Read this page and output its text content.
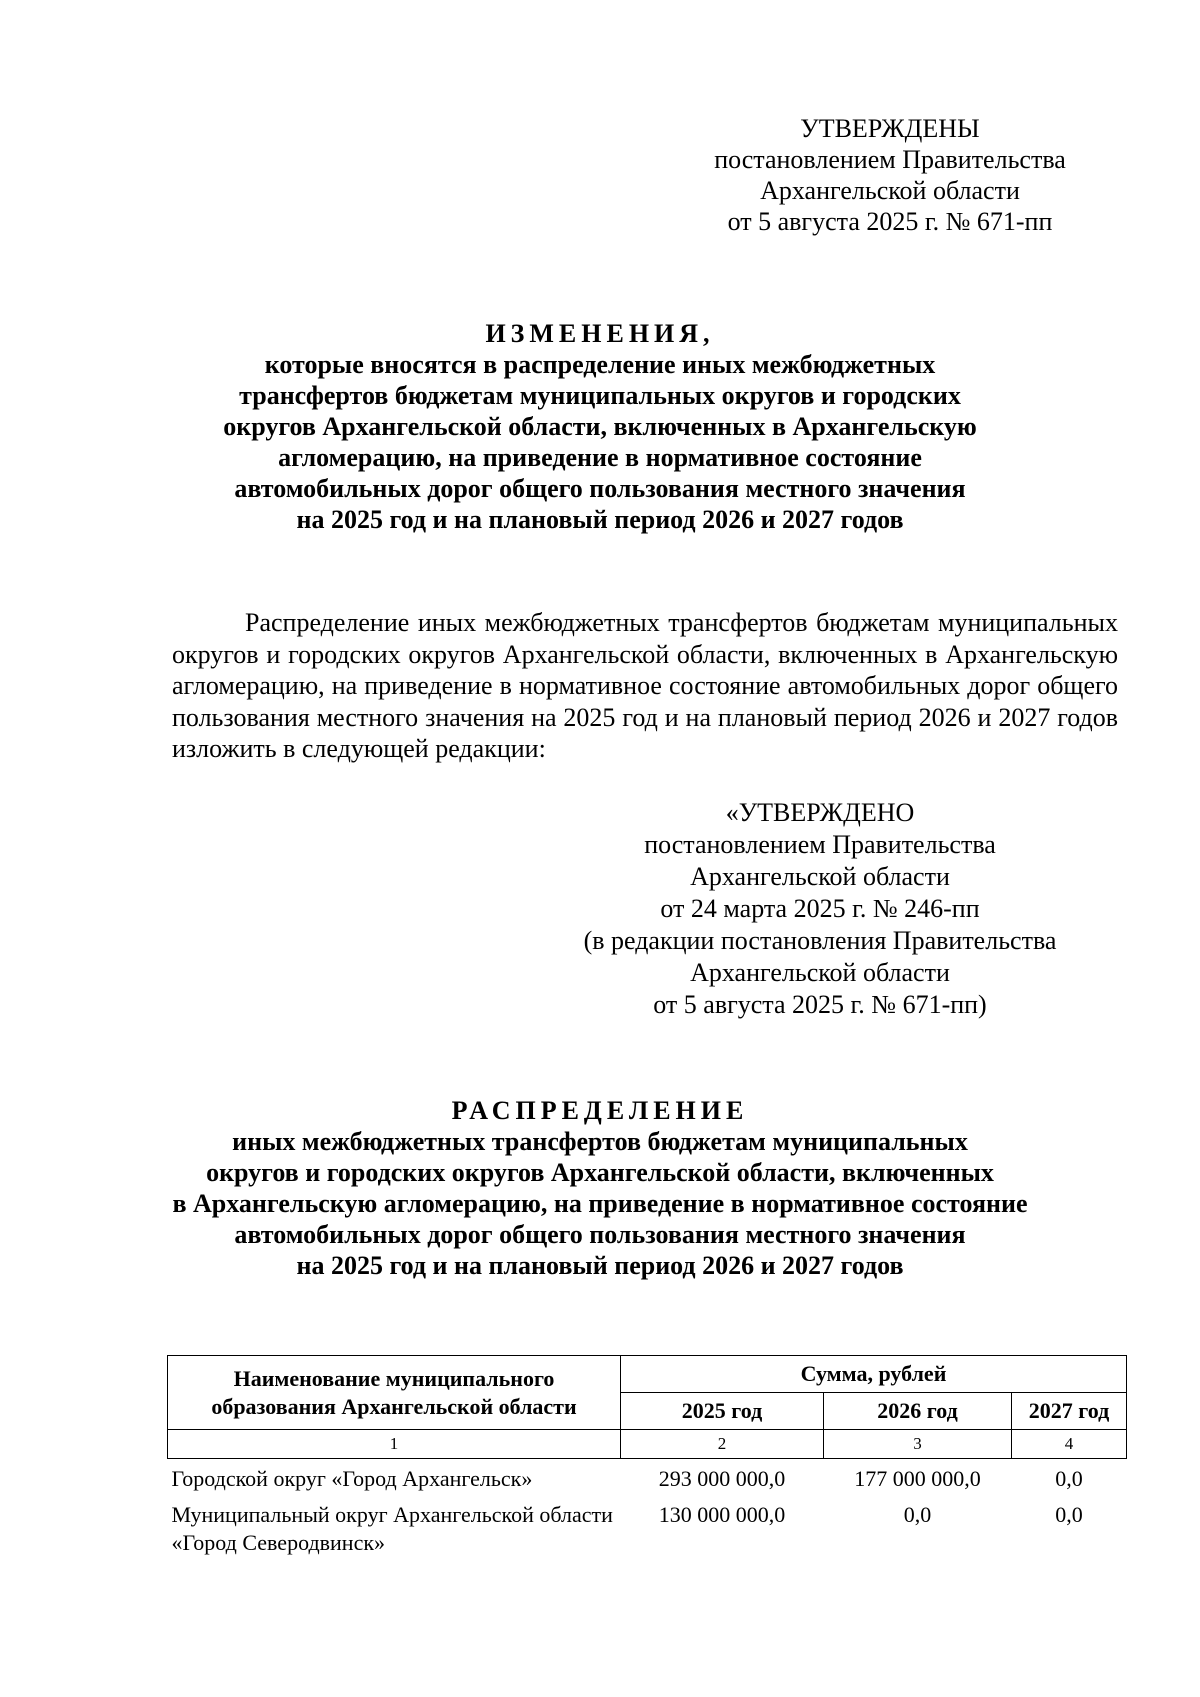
УТВЕРЖДЕНЫ
постановлением Правительства
Архангельской области
от 5 августа 2025 г. № 671-пп
ИЗМЕНЕНИЯ,
которые вносятся в распределение иных межбюджетных
трансфертов бюджетам муниципальных округов и городских
округов Архангельской области, включенных в Архангельскую
агломерацию, на приведение в нормативное состояние
автомобильных дорог общего пользования местного значения
на 2025 год и на плановый период 2026 и 2027 годов
Распределение иных межбюджетных трансфертов бюджетам муниципальных округов и городских округов Архангельской области, включенных в Архангельскую агломерацию, на приведение в нормативное состояние автомобильных дорог общего пользования местного значения на 2025 год и на плановый период 2026 и 2027 годов изложить в следующей редакции:
«УТВЕРЖДЕНО
постановлением Правительства
Архангельской области
от 24 марта 2025 г. № 246-пп
(в редакции постановления Правительства
Архангельской области
от 5 августа 2025 г. № 671-пп)
РАСПРЕДЕЛЕНИЕ
иных межбюджетных трансфертов бюджетам муниципальных
округов и городских округов Архангельской области, включенных
в Архангельскую агломерацию, на приведение в нормативное состояние
автомобильных дорог общего пользования местного значения
на 2025 год и на плановый период 2026 и 2027 годов
Наименование муниципального образования Архангельской области	Сумма, рублей		
	2025 год	2026 год	2027 год
1	2	3	4
Городской округ «Город Архангельск»	293 000 000,0	177 000 000,0	0,0
Муниципальный округ Архангельской области «Город Северодвинск»	130 000 000,0	0,0	0,0
